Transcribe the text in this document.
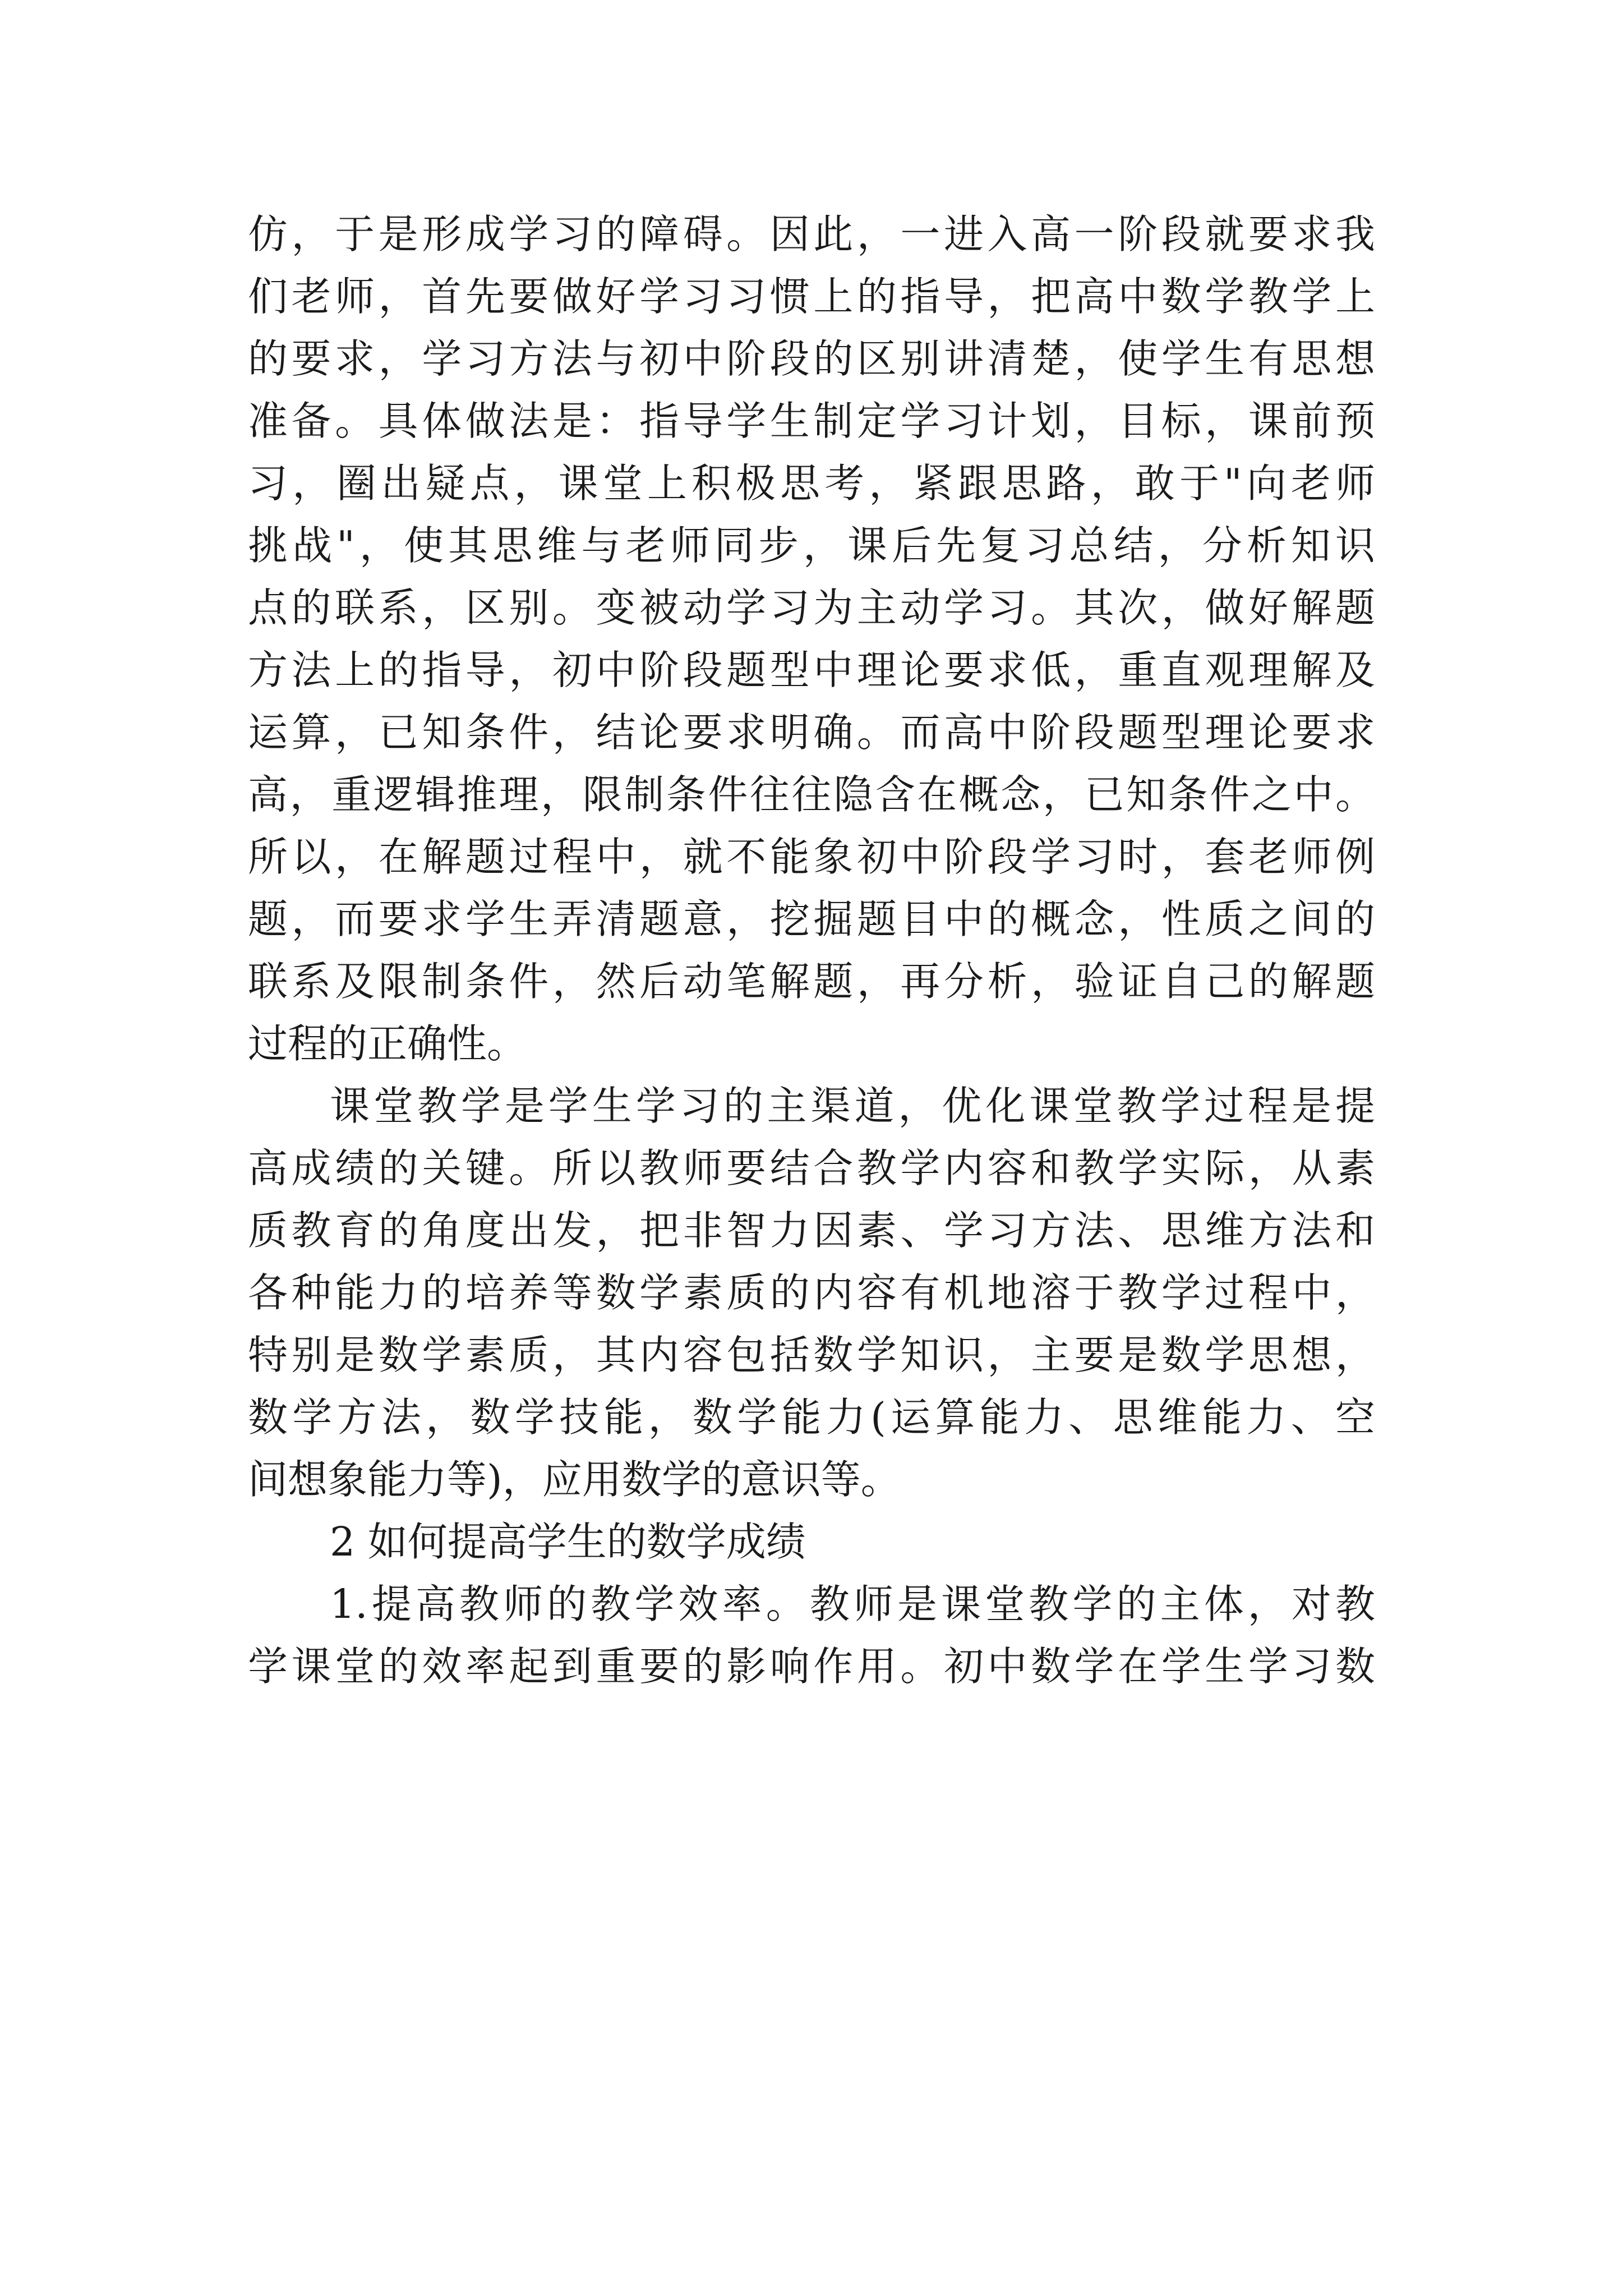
仿，于是形成学习的障碍。因此，一进入高一阶段就要求我
们老师，首先要做好学习习惯上的指导，把高中数学教学上
的要求，学习方法与初中阶段的区别讲清楚，使学生有思想
准备。具体做法是：指导学生制定学习计划，目标，课前预
习，圈出疑点，课堂上积极思考，紧跟思路，敢于"向老师
挑战"，使其思维与老师同步，课后先复习总结，分析知识
点的联系，区别。变被动学习为主动学习。其次，做好解题
方法上的指导，初中阶段题型中理论要求低，重直观理解及
运算，已知条件，结论要求明确。而高中阶段题型理论要求
高，重逻辑推理，限制条件往往隐含在概念，已知条件之中。
所以，在解题过程中，就不能象初中阶段学习时，套老师例
题，而要求学生弄清题意，挖掘题目中的概念，性质之间的
联系及限制条件，然后动笔解题，再分析，验证自己的解题
过程的正确性。
课堂教学是学生学习的主渠道，优化课堂教学过程是提
高成绩的关键。所以教师要结合教学内容和教学实际，从素
质教育的角度出发，把非智力因素、学习方法、思维方法和
各种能力的培养等数学素质的内容有机地溶于教学过程中，
特别是数学素质，其内容包括数学知识，主要是数学思想，
数学方法，数学技能，数学能力(运算能力、思维能力、空
间想象能力等)，应用数学的意识等。
2 如何提高学生的数学成绩
1.提高教师的教学效率。教师是课堂教学的主体，对教
学课堂的效率起到重要的影响作用。初中数学在学生学习数
